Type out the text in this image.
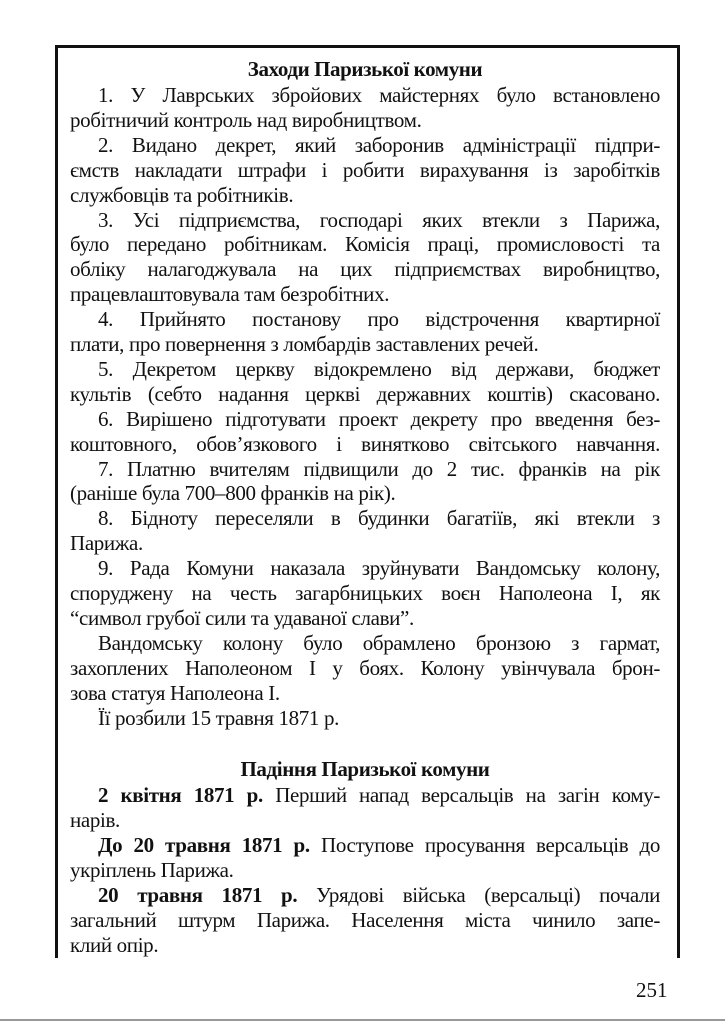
Заходи Паризької комуни
1. У Лаврських збройових майстернях було встановлено
робітничий контроль над виробництвом.
2. Видано декрет, який заборонив адміністрації підпри-
ємств накладати штрафи і робити вирахування із заробітків
службовців та робітників.
3. Усі підприємства, господарі яких втекли з Парижа,
було передано робітникам. Комісія праці, промисловості та
обліку налагоджувала на цих підприємствах виробництво,
працевлаштовувала там безробітних.
4. Прийнято постанову про відстрочення квартирної
плати, про повернення з ломбардів заставлених речей.
5. Декретом церкву відокремлено від держави, бюджет
культів (себто надання церкві державних коштів) скасовано.
6. Вирішено підготувати проект декрету про введення без-
коштовного, обов’язкового і винятково світського навчання.
7. Платню вчителям підвищили до 2 тис. франків на рік
(раніше була 700–800 франків на рік).
8. Бідноту переселяли в будинки багатіїв, які втекли з
Парижа.
9. Рада Комуни наказала зруйнувати Вандомську колону,
споруджену на честь загарбницьких воєн Наполеона I, як
“символ грубої сили та удаваної слави”.
Вандомську колону було обрамлено бронзою з гармат,
захоплених Наполеоном I у боях. Колону увінчувала брон-
зова статуя Наполеона I.
Її розбили 15 травня 1871 р.
Падіння Паризької комуни
2 квітня 1871 р. Перший напад версальців на загін кому-
нарів.
До 20 травня 1871 р. Поступове просування версальців до
укріплень Парижа.
20 травня 1871 р. Урядові війська (версальці) почали
загальний штурм Парижа. Населення міста чинило запе-
клий опір.
251
